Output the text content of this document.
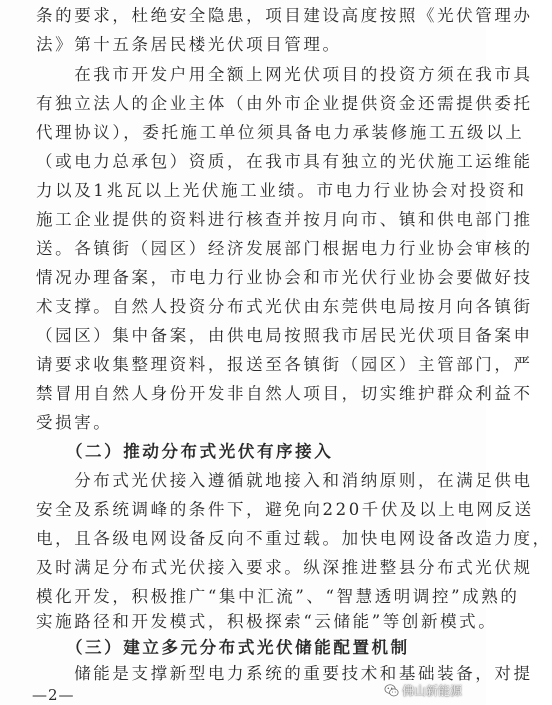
条的要求，杜绝安全隐患，项目建设高度按照《光伏管理办
法》第十五条居民楼光伏项目管理。
　　在我市开发户用全额上网光伏项目的投资方须在我市具
有独立法人的企业主体（由外市企业提供资金还需提供委托
代理协议），委托施工单位须具备电力承装修施工五级以上
（或电力总承包）资质，在我市具有独立的光伏施工运维能
力以及1兆瓦以上光伏施工业绩。市电力行业协会对投资和
施工企业提供的资料进行核查并按月向市、镇和供电部门推
送。各镇街（园区）经济发展部门根据电力行业协会审核的
情况办理备案，市电力行业协会和市光伏行业协会要做好技
术支撑。自然人投资分布式光伏由东莞供电局按月向各镇街
（园区）集中备案，由供电局按照我市居民光伏项目备案申
请要求收集整理资料，报送至各镇街（园区）主管部门，严
禁冒用自然人身份开发非自然人项目，切实维护群众利益不
受损害。
　　（二）推动分布式光伏有序接入
　　分布式光伏接入遵循就地接入和消纳原则，在满足供电
安全及系统调峰的条件下，避免向220千伏及以上电网反送
电，且各级电网设备反向不重过载。加快电网设备改造力度，
及时满足分布式光伏接入要求。纵深推进整县分布式光伏规
模化开发，积极推广“集中汇流”、“智慧透明调控”成熟的
实施路径和开发模式，积极探索“云储能”等创新模式。
　　（三）建立多元分布式光伏储能配置机制
　　储能是支撑新型电力系统的重要技术和基础装备，对提
—2—	佛山新能源
